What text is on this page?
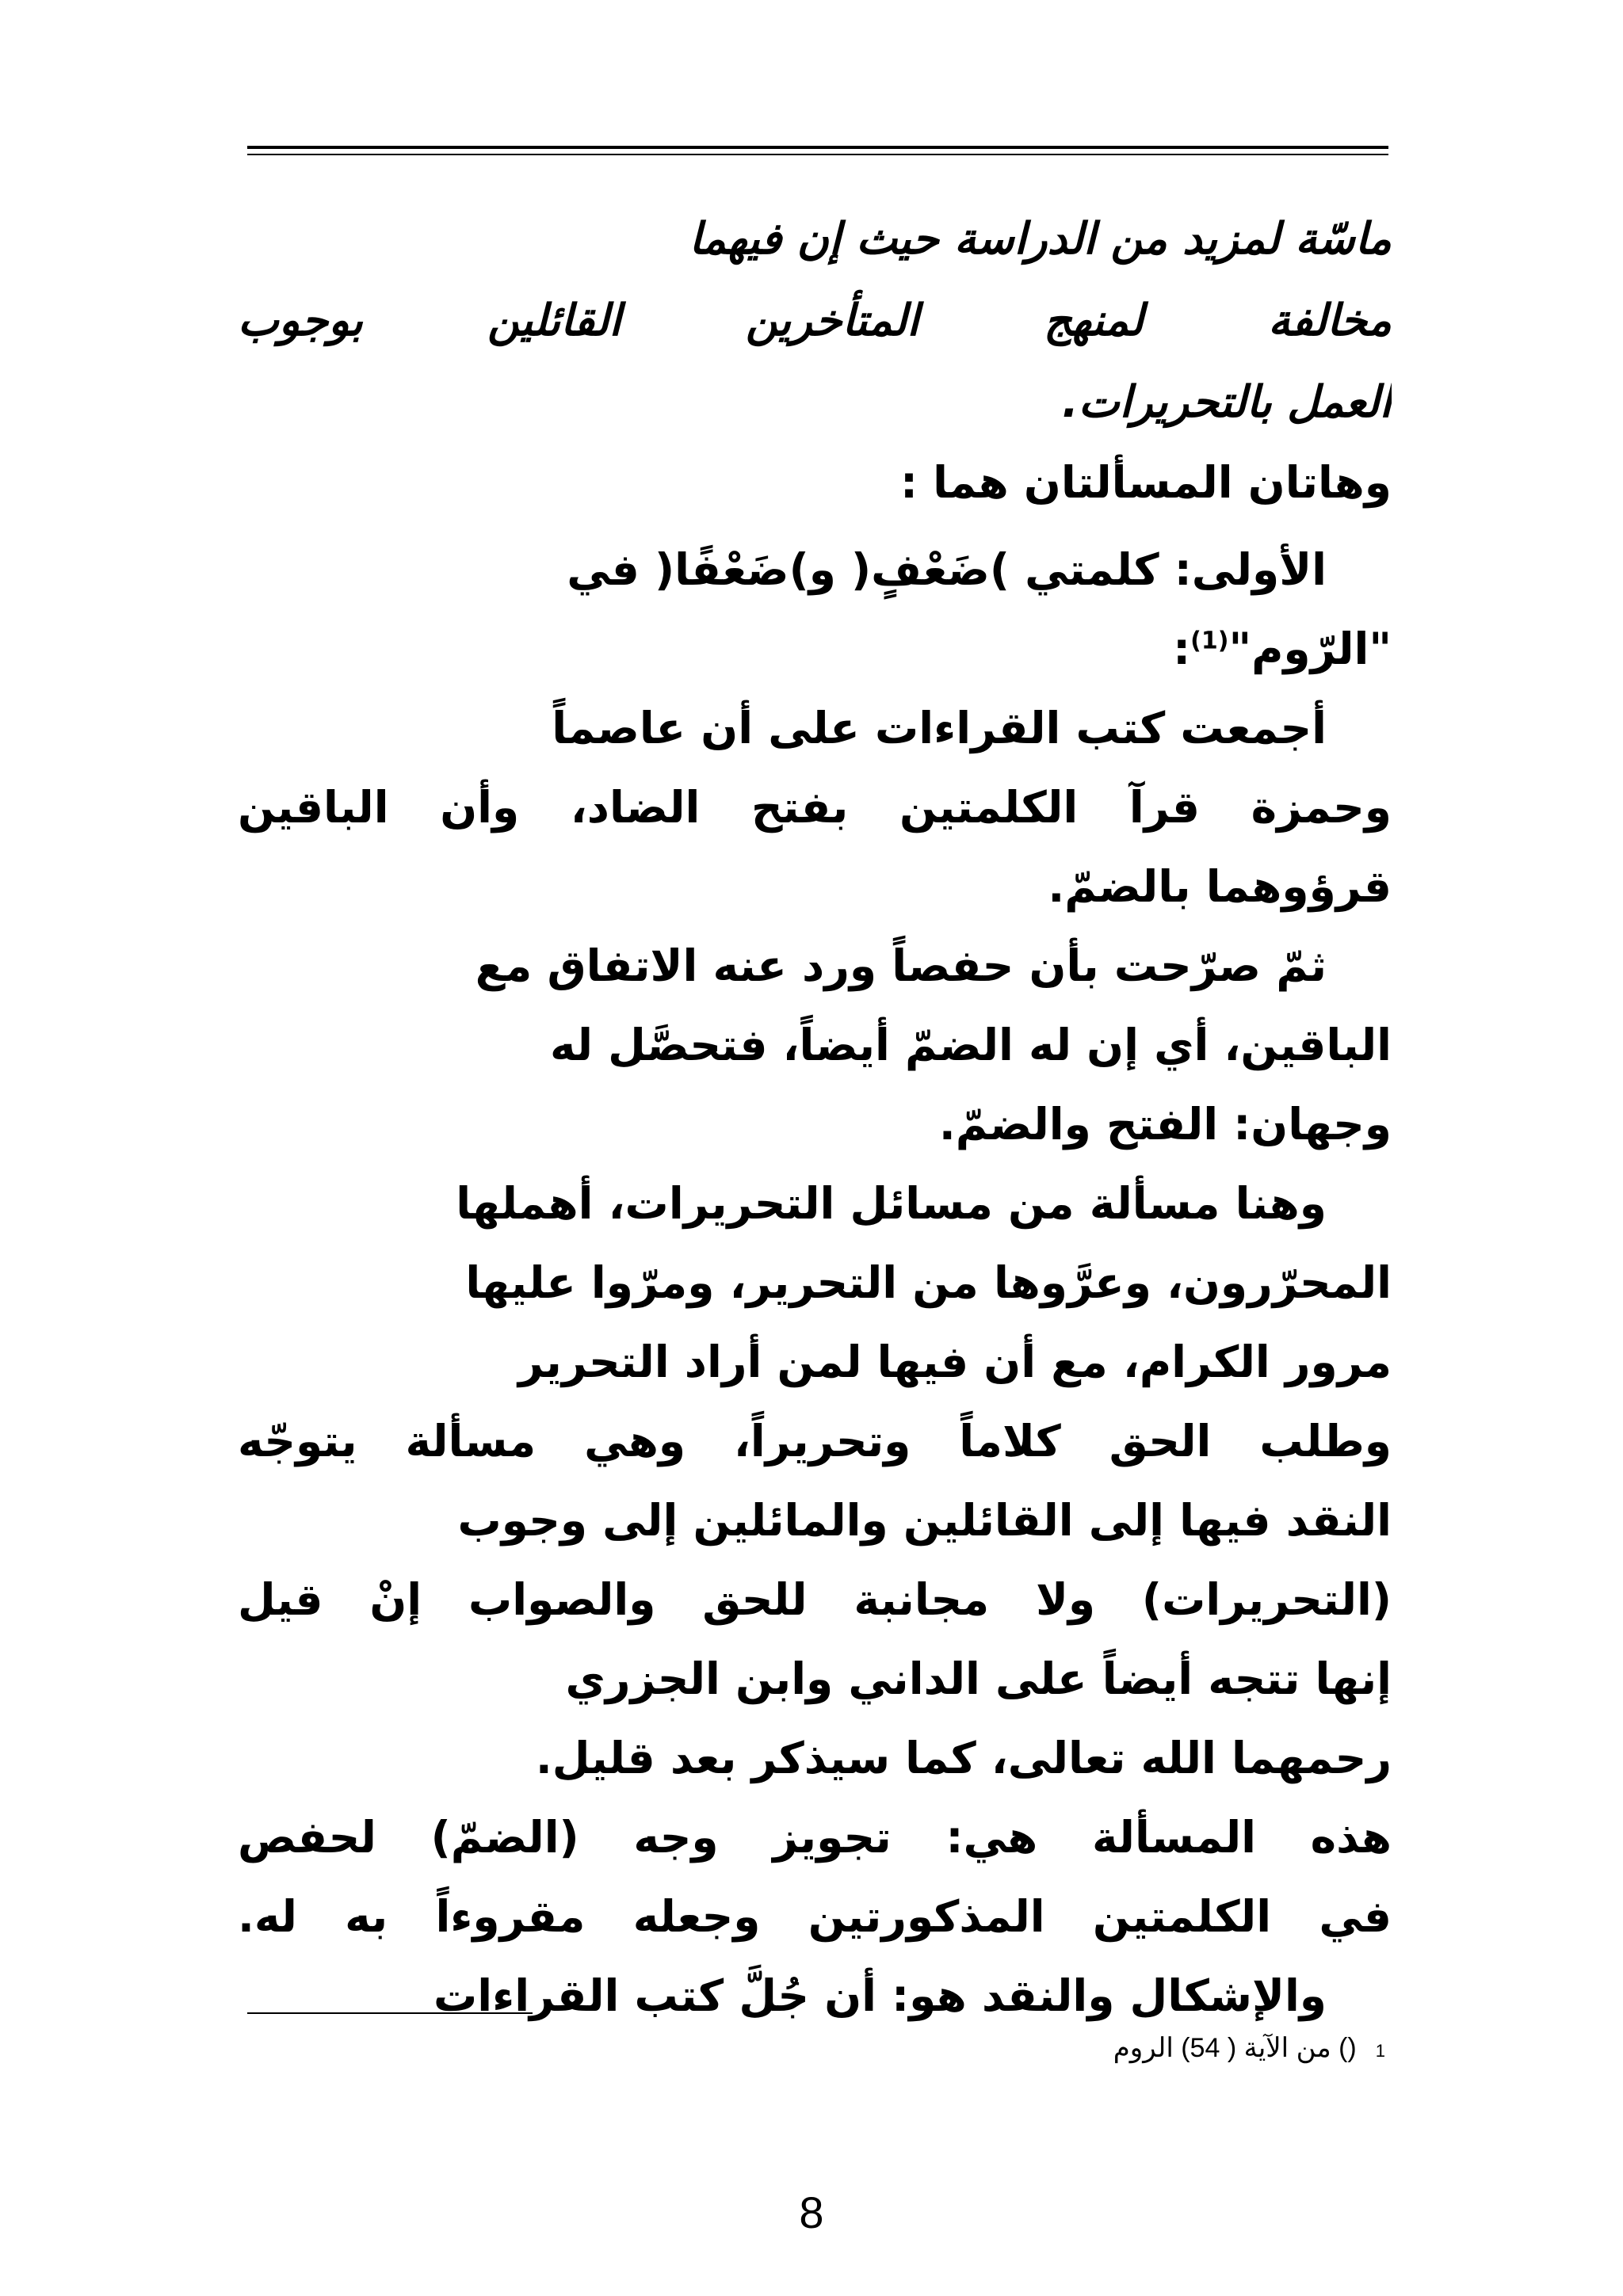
ماسّة لمزيد من الدراسة حيث إن فيهما
مخالفة لمنهج المتأخرين القائلين بوجوب
العمل بالتحريرات.
وهاتان المسألتان هما :
الأولى: كلمتي )ضَعْفٍ( و)ضَعْفًا( في
"الرّوم"$^{(1)}$:
أجمعت كتب القراءات على أن عاصماً
وحمزة قرآ الكلمتين بفتح الضاد، وأن الباقين
قرؤوهما بالضمّ.
ثمّ صرّحت بأن حفصاً ورد عنه الاتفاق مع
الباقين، أي إن له الضمّ أيضاً، فتحصَّل له
وجهان: الفتح والضمّ.
وهنا مسألة من مسائل التحريرات، أهملها
المحرّرون، وعرَّوها من التحرير، ومرّوا عليها
مرور الكرام، مع أن فيها لمن أراد التحرير
وطلب الحق كلاماً وتحريراً، وهي مسألة يتوجّه
النقد فيها إلى القائلين والمائلين إلى وجوب
(التحريرات) ولا مجانبة للحق والصواب إنْ قيل
إنها تتجه أيضاً على الداني وابن الجزري
رحمهما الله تعالى، كما سيذكر بعد قليل.
هذه المسألة هي: تجويز وجه (الضمّ) لحفص
في الكلمتين المذكورتين وجعله مقروءاً به له.
والإشكال والنقد هو: أن جُلَّ كتب القراءات
1() من الآية ( 54) الروم
8
